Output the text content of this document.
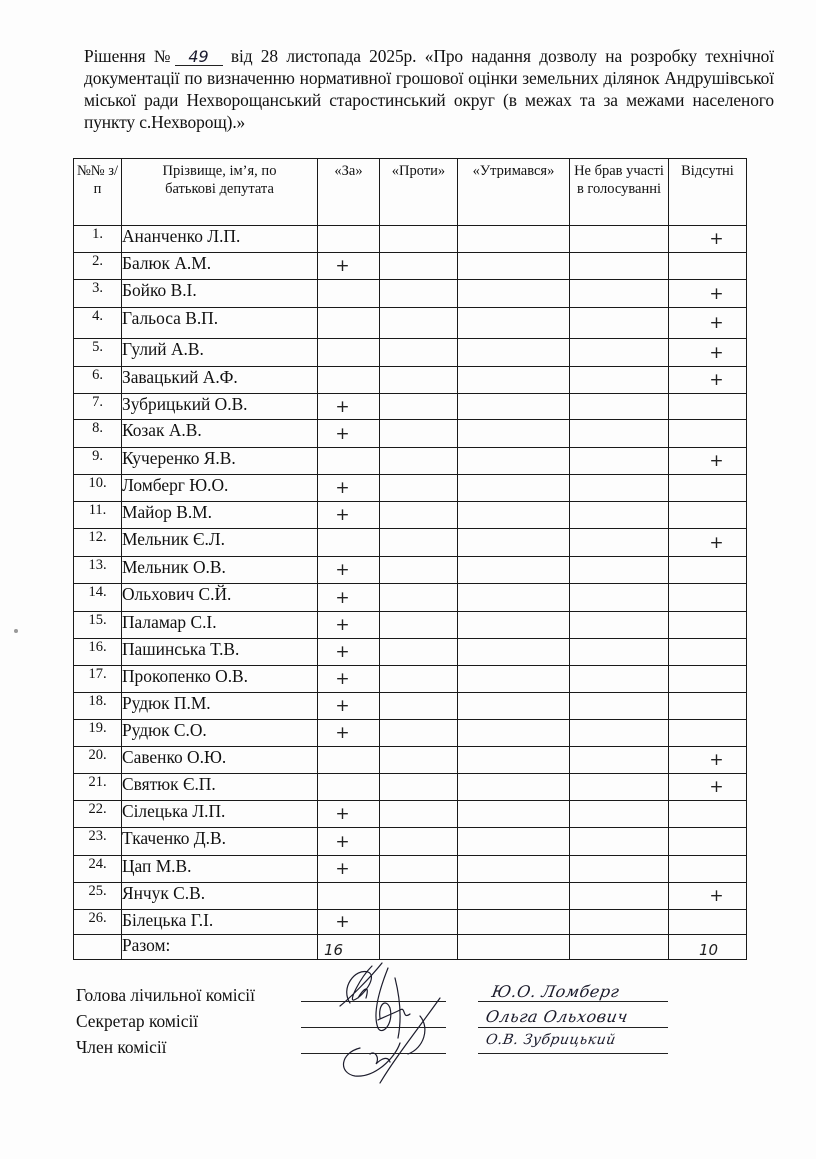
Рішення № 49 від 28 листопада 2025р. «Про надання дозволу на розробку технічної документації по визначенню нормативної грошової оцінки земельних ділянок Андрушівської міської ради Нехворощанський старостинський округ (в межах та за межами населеного пункту с.Нехворощ).»
№№ з/п	Прізвище, ім’я, по батькові депутата	«За»	«Проти»	«Утримався»	Не брав участі в голосуванні	Відсутні
1.	Ананченко Л.П.					+
2.	Балюк А.М.	+				
3.	Бойко В.І.					+
4.	Гальоса В.П.					+
5.	Гулий А.В.					+
6.	Завацький А.Ф.					+
7.	Зубрицький О.В.	+				
8.	Козак А.В.	+				
9.	Кучеренко Я.В.					+
10.	Ломберг Ю.О.	+				
11.	Майор В.М.	+				
12.	Мельник Є.Л.					+
13.	Мельник О.В.	+				
14.	Ольхович С.Й.	+				
15.	Паламар С.І.	+				
16.	Пашинська Т.В.	+				
17.	Прокопенко О.В.	+				
18.	Рудюк П.М.	+				
19.	Рудюк С.О.	+				
20.	Савенко О.Ю.					+
21.	Святюк Є.П.					+
22.	Сілецька Л.П.	+				
23.	Ткаченко Д.В.	+				
24.	Цап М.В.	+				
25.	Янчук С.В.					+
26.	Білецька Г.І.	+				
	Разом:	16				10
Голова лічильної комісії
Секретар комісії
Член комісії
Ю.О. Ломберг
Ольга Ольхович
О.В. Зубрицький
